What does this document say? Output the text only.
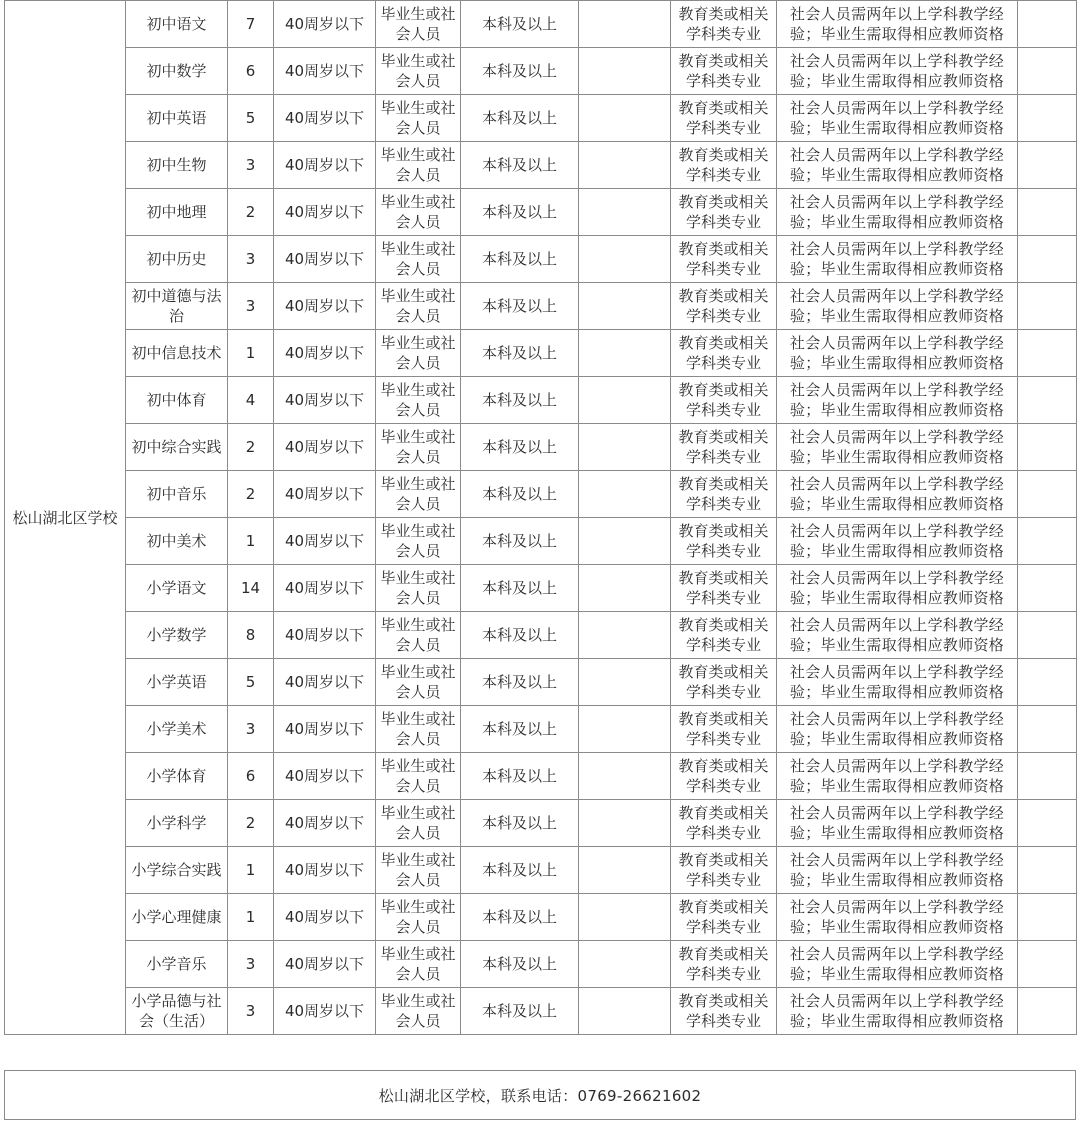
松山湖北区学校	初中语文	7	40周岁以下	毕业生或社会人员	本科及以上		教育类或相关学科类专业	社会人员需两年以上学科教学经验；毕业生需取得相应教师资格	
	初中数学	6	40周岁以下	毕业生或社会人员	本科及以上		教育类或相关学科类专业	社会人员需两年以上学科教学经验；毕业生需取得相应教师资格	
	初中英语	5	40周岁以下	毕业生或社会人员	本科及以上		教育类或相关学科类专业	社会人员需两年以上学科教学经验；毕业生需取得相应教师资格	
	初中生物	3	40周岁以下	毕业生或社会人员	本科及以上		教育类或相关学科类专业	社会人员需两年以上学科教学经验；毕业生需取得相应教师资格	
	初中地理	2	40周岁以下	毕业生或社会人员	本科及以上		教育类或相关学科类专业	社会人员需两年以上学科教学经验；毕业生需取得相应教师资格	
	初中历史	3	40周岁以下	毕业生或社会人员	本科及以上		教育类或相关学科类专业	社会人员需两年以上学科教学经验；毕业生需取得相应教师资格	
	初中道德与法治	3	40周岁以下	毕业生或社会人员	本科及以上		教育类或相关学科类专业	社会人员需两年以上学科教学经验；毕业生需取得相应教师资格	
	初中信息技术	1	40周岁以下	毕业生或社会人员	本科及以上		教育类或相关学科类专业	社会人员需两年以上学科教学经验；毕业生需取得相应教师资格	
	初中体育	4	40周岁以下	毕业生或社会人员	本科及以上		教育类或相关学科类专业	社会人员需两年以上学科教学经验；毕业生需取得相应教师资格	
	初中综合实践	2	40周岁以下	毕业生或社会人员	本科及以上		教育类或相关学科类专业	社会人员需两年以上学科教学经验；毕业生需取得相应教师资格	
	初中音乐	2	40周岁以下	毕业生或社会人员	本科及以上		教育类或相关学科类专业	社会人员需两年以上学科教学经验；毕业生需取得相应教师资格	
	初中美术	1	40周岁以下	毕业生或社会人员	本科及以上		教育类或相关学科类专业	社会人员需两年以上学科教学经验；毕业生需取得相应教师资格	
	小学语文	14	40周岁以下	毕业生或社会人员	本科及以上		教育类或相关学科类专业	社会人员需两年以上学科教学经验；毕业生需取得相应教师资格	
	小学数学	8	40周岁以下	毕业生或社会人员	本科及以上		教育类或相关学科类专业	社会人员需两年以上学科教学经验；毕业生需取得相应教师资格	
	小学英语	5	40周岁以下	毕业生或社会人员	本科及以上		教育类或相关学科类专业	社会人员需两年以上学科教学经验；毕业生需取得相应教师资格	
	小学美术	3	40周岁以下	毕业生或社会人员	本科及以上		教育类或相关学科类专业	社会人员需两年以上学科教学经验；毕业生需取得相应教师资格	
	小学体育	6	40周岁以下	毕业生或社会人员	本科及以上		教育类或相关学科类专业	社会人员需两年以上学科教学经验；毕业生需取得相应教师资格	
	小学科学	2	40周岁以下	毕业生或社会人员	本科及以上		教育类或相关学科类专业	社会人员需两年以上学科教学经验；毕业生需取得相应教师资格	
	小学综合实践	1	40周岁以下	毕业生或社会人员	本科及以上		教育类或相关学科类专业	社会人员需两年以上学科教学经验；毕业生需取得相应教师资格	
	小学心理健康	1	40周岁以下	毕业生或社会人员	本科及以上		教育类或相关学科类专业	社会人员需两年以上学科教学经验；毕业生需取得相应教师资格	
	小学音乐	3	40周岁以下	毕业生或社会人员	本科及以上		教育类或相关学科类专业	社会人员需两年以上学科教学经验；毕业生需取得相应教师资格	
	小学品德与社会（生活）	3	40周岁以下	毕业生或社会人员	本科及以上		教育类或相关学科类专业	社会人员需两年以上学科教学经验；毕业生需取得相应教师资格	
松山湖北区学校，联系电话：0769-26621602
